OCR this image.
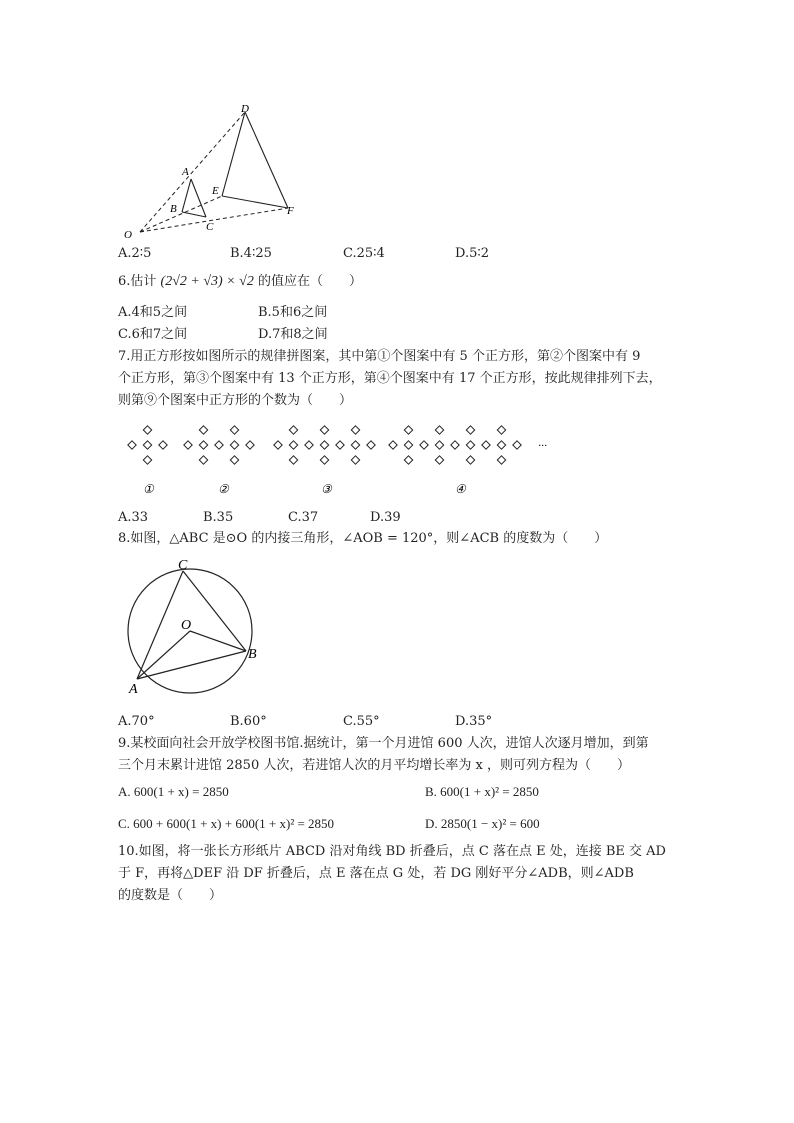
D
A
E
B	F
O
C
A.2∶5	B.4∶25	C.25∶4	D.5∶2
6.估计 (2√2 + √3) × √2 的值应在（　　）
A.4和5之间	B.5和6之间
C.6和7之间	D.7和8之间
7.用正方形按如图所示的规律拼图案，其中第①个图案中有 5 个正方形，第②个图案中有 9
个正方形，第③个图案中有 13 个正方形，第④个图案中有 17 个正方形，按此规律排列下去，
则第⑨个图案中正方形的个数为（　　）
···
①	②	③	④
A.33	B.35	C.37	D.39
8.如图，△ABC 是⊙O 的内接三角形，∠AOB = 120°，则∠ACB 的度数为（　　）
C
O
B
A
A.70°	B.60°	C.55°	D.35°
9.某校面向社会开放学校图书馆.据统计，第一个月进馆 600 人次，进馆人次逐月增加，到第
三个月末累计进馆 2850 人次，若进馆人次的月平均增长率为 x ，则可列方程为（　　）
A. 600(1 + x) = 2850	B. 600(1 + x)² = 2850
C. 600 + 600(1 + x) + 600(1 + x)² = 2850	D. 2850(1 − x)² = 600
10.如图，将一张长方形纸片 ABCD 沿对角线 BD 折叠后，点 C 落在点 E 处，连接 BE 交 AD
于 F，再将△DEF 沿 DF 折叠后，点 E 落在点 G 处，若 DG 刚好平分∠ADB，则∠ADB
的度数是（　　）
